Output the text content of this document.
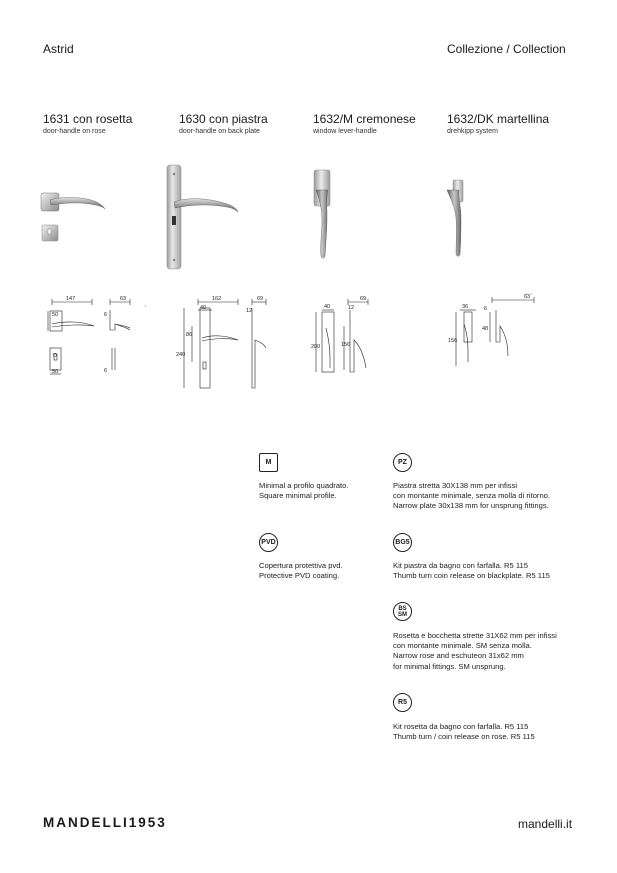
Astrid	Collezione / Collection
1631 con rosetta
door-handle on rose
1630 con piastra
door-handle on back plate
1632/M cremonese
window lever-handle
1632/DK martellina
drehkipp system
147	63
50	6
D
50	6
162
40
69
12
86
240
40	12
69
200	156
36	6
63
48
156
M
Minimal a profilo quadrato.
Square minimal profile.
PZ
Piastra stretta 30X138 mm per infissi
con montante minimale, senza molla di ritorno.
Narrow plate 30x138 mm for unsprung fittings.
PVD
Copertura protettiva pvd.
Protective PVD coating.
BG5
Kit piastra da bagno con farfalla. R5 115
Thumb turn coin release on blackplate. R5 115
BS
SM
Rosetta e bocchetta strette 31X62 mm per infissi
con montante minimale. SM senza molla.
Narrow rose and eschuteon 31x62 mm
for minimal fittings. SM unsprung.
R5
Kit rosetta da bagno con farfalla. R5 115
Thumb turn / coin release on rose. R5 115
MANDELLI1953	mandelli.it
